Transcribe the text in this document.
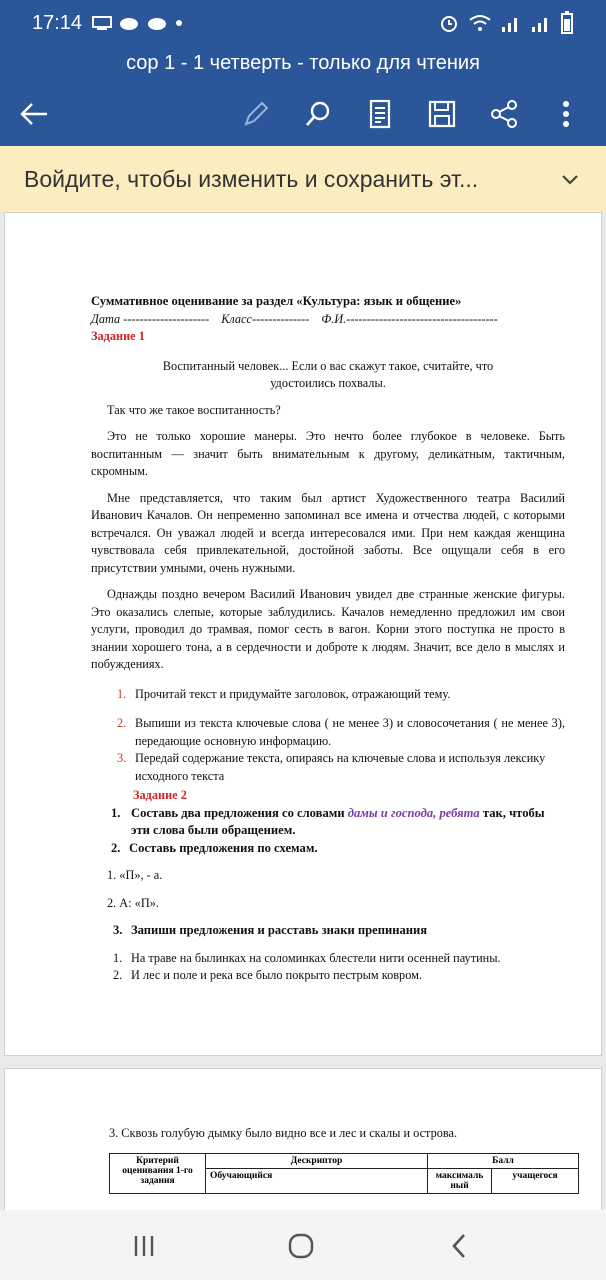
17:14
сор 1 - 1 четверть - только для чтения
Войдите, чтобы изменить и сохранить эт...
Суммативное оценивание за раздел «Культура: язык и общение»
Дата --------------------- Класс-------------- Ф.И.-------------------------------------
Задание 1
Воспитанный человек... Если о вас скажут такое, считайте, что
удостоились похвалы.
Так что же такое воспитанность?
Это не только хорошие манеры. Это нечто более глубокое в человеке. Быть воспитанным — значит быть внимательным к другому, деликатным, тактичным, скромным.
Мне представляется, что таким был артист Художественного театра Василий Иванович Качалов. Он непременно запоминал все имена и отчества людей, с которыми встречался. Он уважал людей и всегда интересовался ими. При нем каждая женщина чувствовала себя привлекательной, достойной заботы. Все ощущали себя в его присутствии умными, очень нужными.
Однажды поздно вечером Василий Иванович увидел две странные женские фигуры. Это оказались слепые, которые заблудились. Качалов немедленно предложил им свои услуги, проводил до трамвая, помог сесть в вагон. Корни этого поступка не просто в знании хорошего тона, а в сердечности и доброте к людям. Значит, все дело в мыслях и побуждениях.
1. Прочитай текст и придумайте заголовок, отражающий тему.
2. Выпиши из текста ключевые слова ( не менее 3) и словосочетания ( не менее 3), передающие основную информацию.
3. Передай содержание текста, опираясь на ключевые слова и используя лексику исходного текста
Задание 2
1. Составь два предложения со словами дамы и господа, ребята так, чтобы эти слова были обращением.
2. Составь предложения по схемам.
1. «П», - а.
2. А: «П».
3. Запиши предложения и расставь знаки препинания
1. На траве на былинках на соломинках блестели нити осенней паутины.
2. И лес и поле и река все было покрыто пестрым ковром.
3. Сквозь голубую дымку было видно все и лес и скалы и острова.
Критерий оценивания 1-го задания	Дескриптор	Балл	
	Обучающийся	максималь ный	учащегося
